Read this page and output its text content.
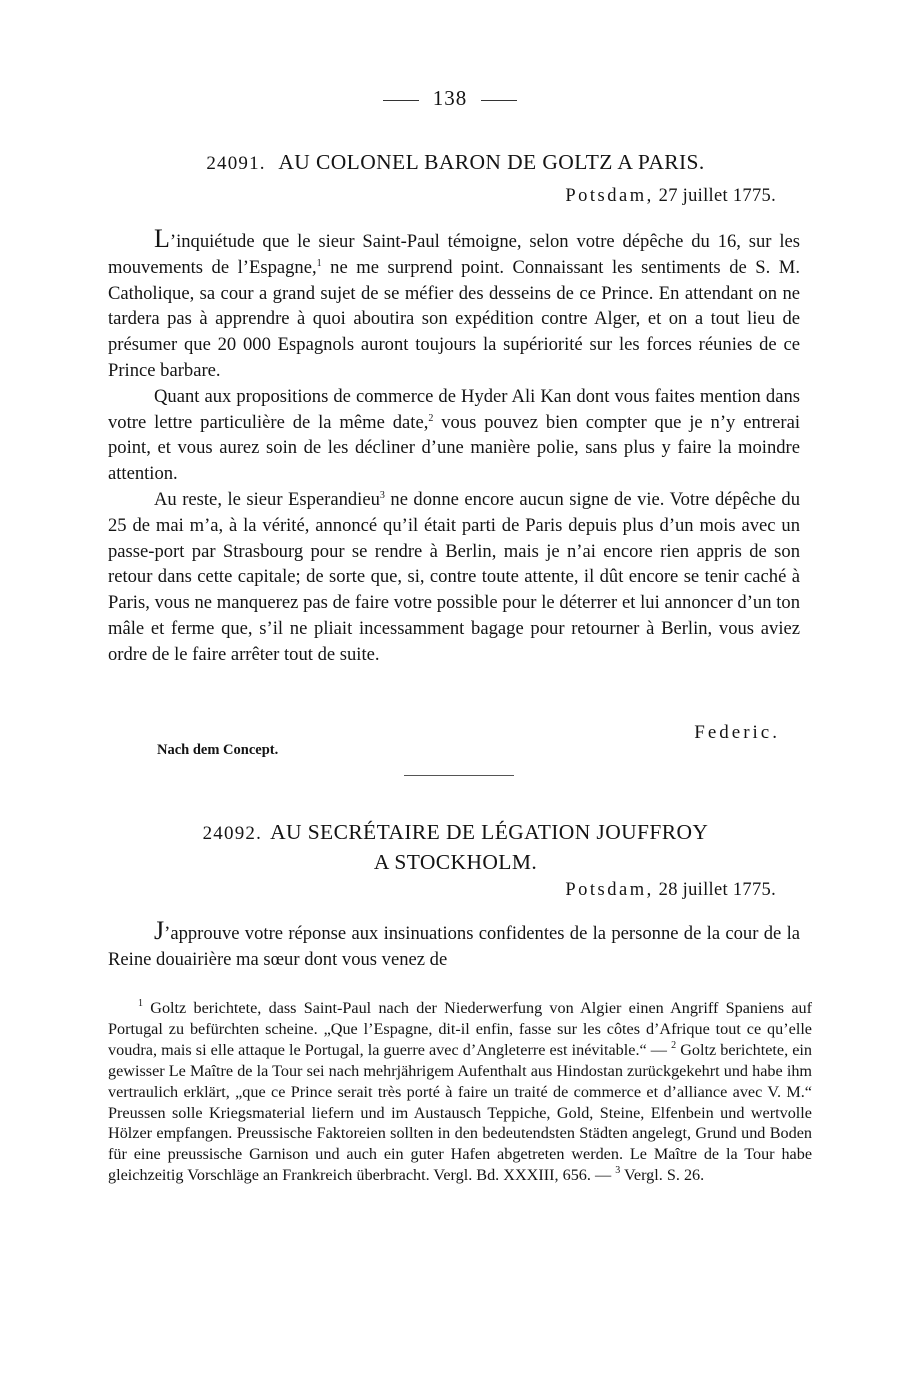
138
24091. AU COLONEL BARON DE GOLTZ A PARIS.
Potsdam, 27 juillet 1775.

L’inquiétude que le sieur Saint-Paul témoigne, selon votre dépêche du 16, sur les mouvements de l’Espagne,$^1$ ne me surprend point. Connaissant les sentiments de S. M. Catholique, sa cour a grand sujet de se méfier des desseins de ce Prince. En attendant on ne tardera pas à apprendre à quoi aboutira son expédition contre Alger, et on a tout lieu de présumer que 20 000 Espagnols auront toujours la supériorité sur les forces réunies de ce Prince barbare.

Quant aux propositions de commerce de Hyder Ali Kan dont vous faites mention dans votre lettre particulière de la même date,$^2$ vous pouvez bien compter que je n’y entrerai point, et vous aurez soin de les décliner d’une manière polie, sans plus y faire la moindre attention.

Au reste, le sieur Esperandieu$^3$ ne donne encore aucun signe de vie. Votre dépêche du 25 de mai m’a, à la vérité, annoncé qu’il était parti de Paris depuis plus d’un mois avec un passe-port par Strasbourg pour se rendre à Berlin, mais je n’ai encore rien appris de son retour dans cette capitale; de sorte que, si, contre toute attente, il dût encore se tenir caché à Paris, vous ne manquerez pas de faire votre possible pour le déterrer et lui annoncer d’un ton mâle et ferme que, s’il ne pliait incessamment bagage pour retourner à Berlin, vous aviez ordre de le faire arrêter tout de suite.

Federic.
Nach dem Concept.
24092. AU SECRÉTAIRE DE LÉGATION JOUFFROY
A STOCKHOLM.
Potsdam, 28 juillet 1775.

J’approuve votre réponse aux insinuations confidentes de la personne de la cour de la Reine douairière ma sœur dont vous venez de

$^1$ Goltz berichtete, dass Saint-Paul nach der Niederwerfung von Algier einen Angriff Spaniens auf Portugal zu befürchten scheine. „Que l’Espagne, dit-il enfin, fasse sur les côtes d’Afrique tout ce qu’elle voudra, mais si elle attaque le Portugal, la guerre avec d’Angleterre est inévitable.“ — $^2$ Goltz berichtete, ein gewisser Le Maître de la Tour sei nach mehrjährigem Aufenthalt aus Hindostan zurückgekehrt und habe ihm vertraulich erklärt, „que ce Prince serait très porté à faire un traité de commerce et d’alliance avec V. M.“ Preussen solle Kriegsmaterial liefern und im Austausch Teppiche, Gold, Steine, Elfenbein und wertvolle Hölzer empfangen. Preussische Faktoreien sollten in den bedeutendsten Städten angelegt, Grund und Boden für eine preussische Garnison und auch ein guter Hafen abgetreten werden. Le Maître de la Tour habe gleichzeitig Vorschläge an Frankreich überbracht. Vergl. Bd. XXXIII, 656. — $^3$ Vergl. S. 26.
